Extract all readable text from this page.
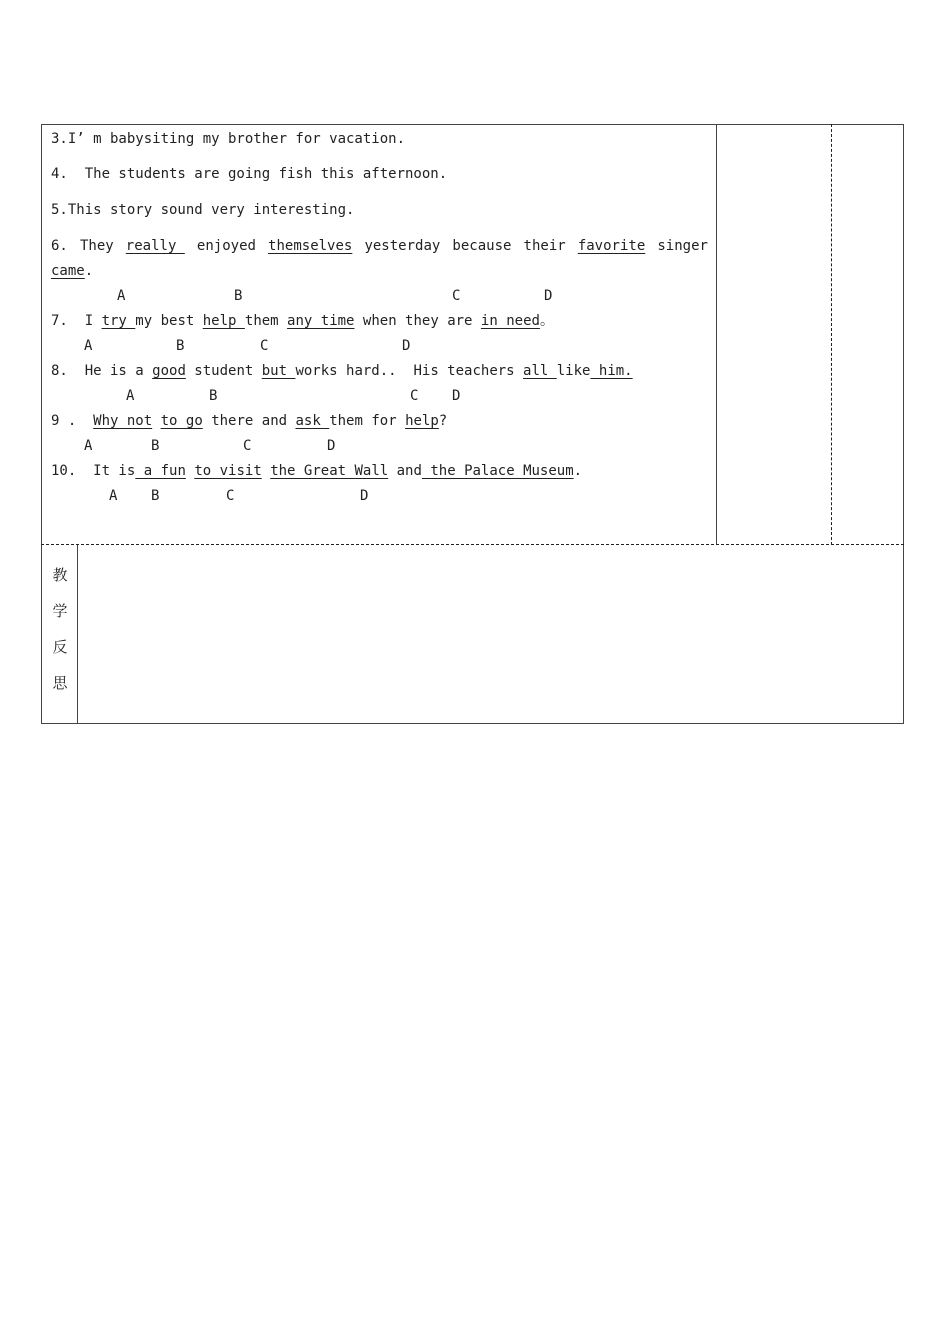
3.I’ m babysiting my brother for vacation.
4.  The students are going fish this afternoon.
5.This story sound very interesting.
6. They really enjoyed themselves yesterday because their favorite singer
came.

A

	B

	C

	D

7.  I try my best help them any time when they are in need。

A

	B

	C

	D

8.  He is a good student but works hard..  His teachers all like him.

A

	B

	C

D

9 .  Why not to go there and ask them for help?

A

	B

	C

	D

10.  It is a fun to visit the Great Wall and the Palace Museum.

A

B

	C

	D

教
学
反
思
